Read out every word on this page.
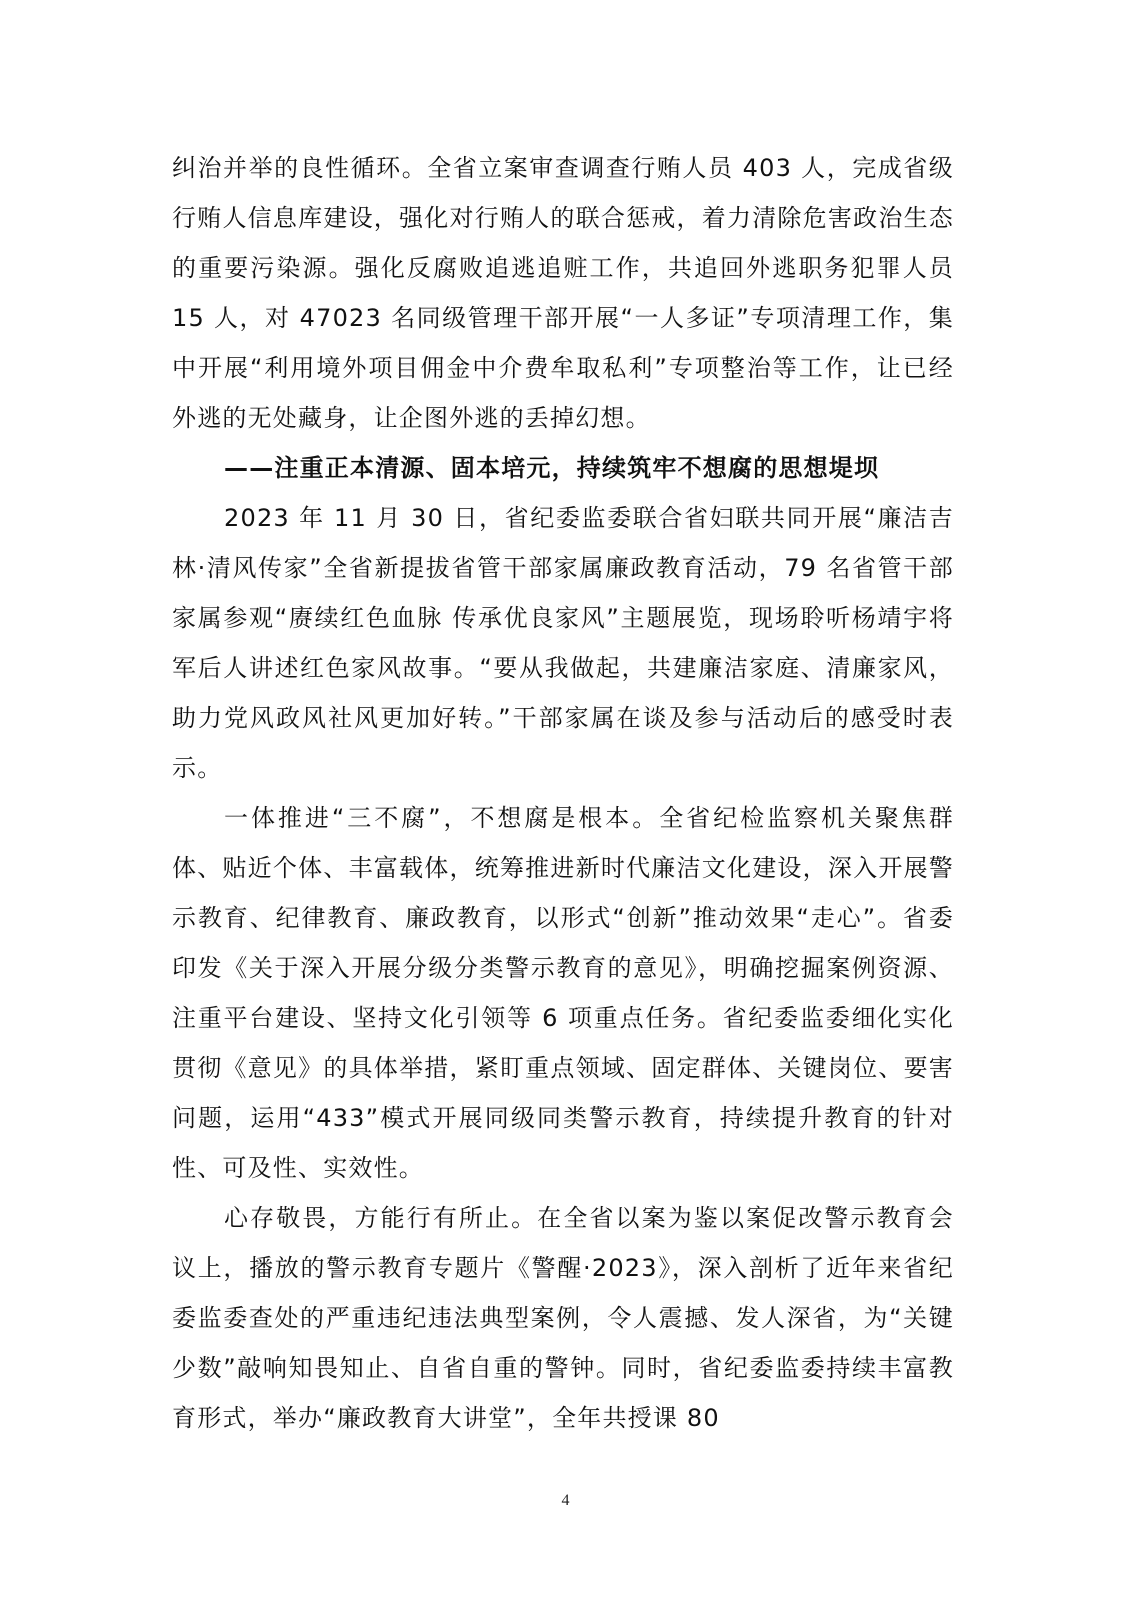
纠治并举的良性循环。全省立案审查调查行贿人员 403 人，完成省级行贿人信息库建设，强化对行贿人的联合惩戒，着力清除危害政治生态的重要污染源。强化反腐败追逃追赃工作，共追回外逃职务犯罪人员 15 人，对 47023 名同级管理干部开展“一人多证”专项清理工作，集中开展“利用境外项目佣金中介费牟取私利”专项整治等工作，让已经外逃的无处藏身，让企图外逃的丢掉幻想。

——注重正本清源、固本培元，持续筑牢不想腐的思想堤坝

2023 年 11 月 30 日，省纪委监委联合省妇联共同开展“廉洁吉林·清风传家”全省新提拔省管干部家属廉政教育活动，79 名省管干部家属参观“赓续红色血脉 传承优良家风”主题展览，现场聆听杨靖宇将军后人讲述红色家风故事。“要从我做起，共建廉洁家庭、清廉家风，助力党风政风社风更加好转。”干部家属在谈及参与活动后的感受时表示。

一体推进“三不腐”，不想腐是根本。全省纪检监察机关聚焦群体、贴近个体、丰富载体，统筹推进新时代廉洁文化建设，深入开展警示教育、纪律教育、廉政教育，以形式“创新”推动效果“走心”。省委印发《关于深入开展分级分类警示教育的意见》，明确挖掘案例资源、注重平台建设、坚持文化引领等 6 项重点任务。省纪委监委细化实化贯彻《意见》的具体举措，紧盯重点领域、固定群体、关键岗位、要害问题，运用“433”模式开展同级同类警示教育，持续提升教育的针对性、可及性、实效性。

心存敬畏，方能行有所止。在全省以案为鉴以案促改警示教育会议上，播放的警示教育专题片《警醒·2023》，深入剖析了近年来省纪委监委查处的严重违纪违法典型案例，令人震撼、发人深省，为“关键少数”敲响知畏知止、自省自重的警钟。同时，省纪委监委持续丰富教育形式，举办“廉政教育大讲堂”，全年共授课 80

4
